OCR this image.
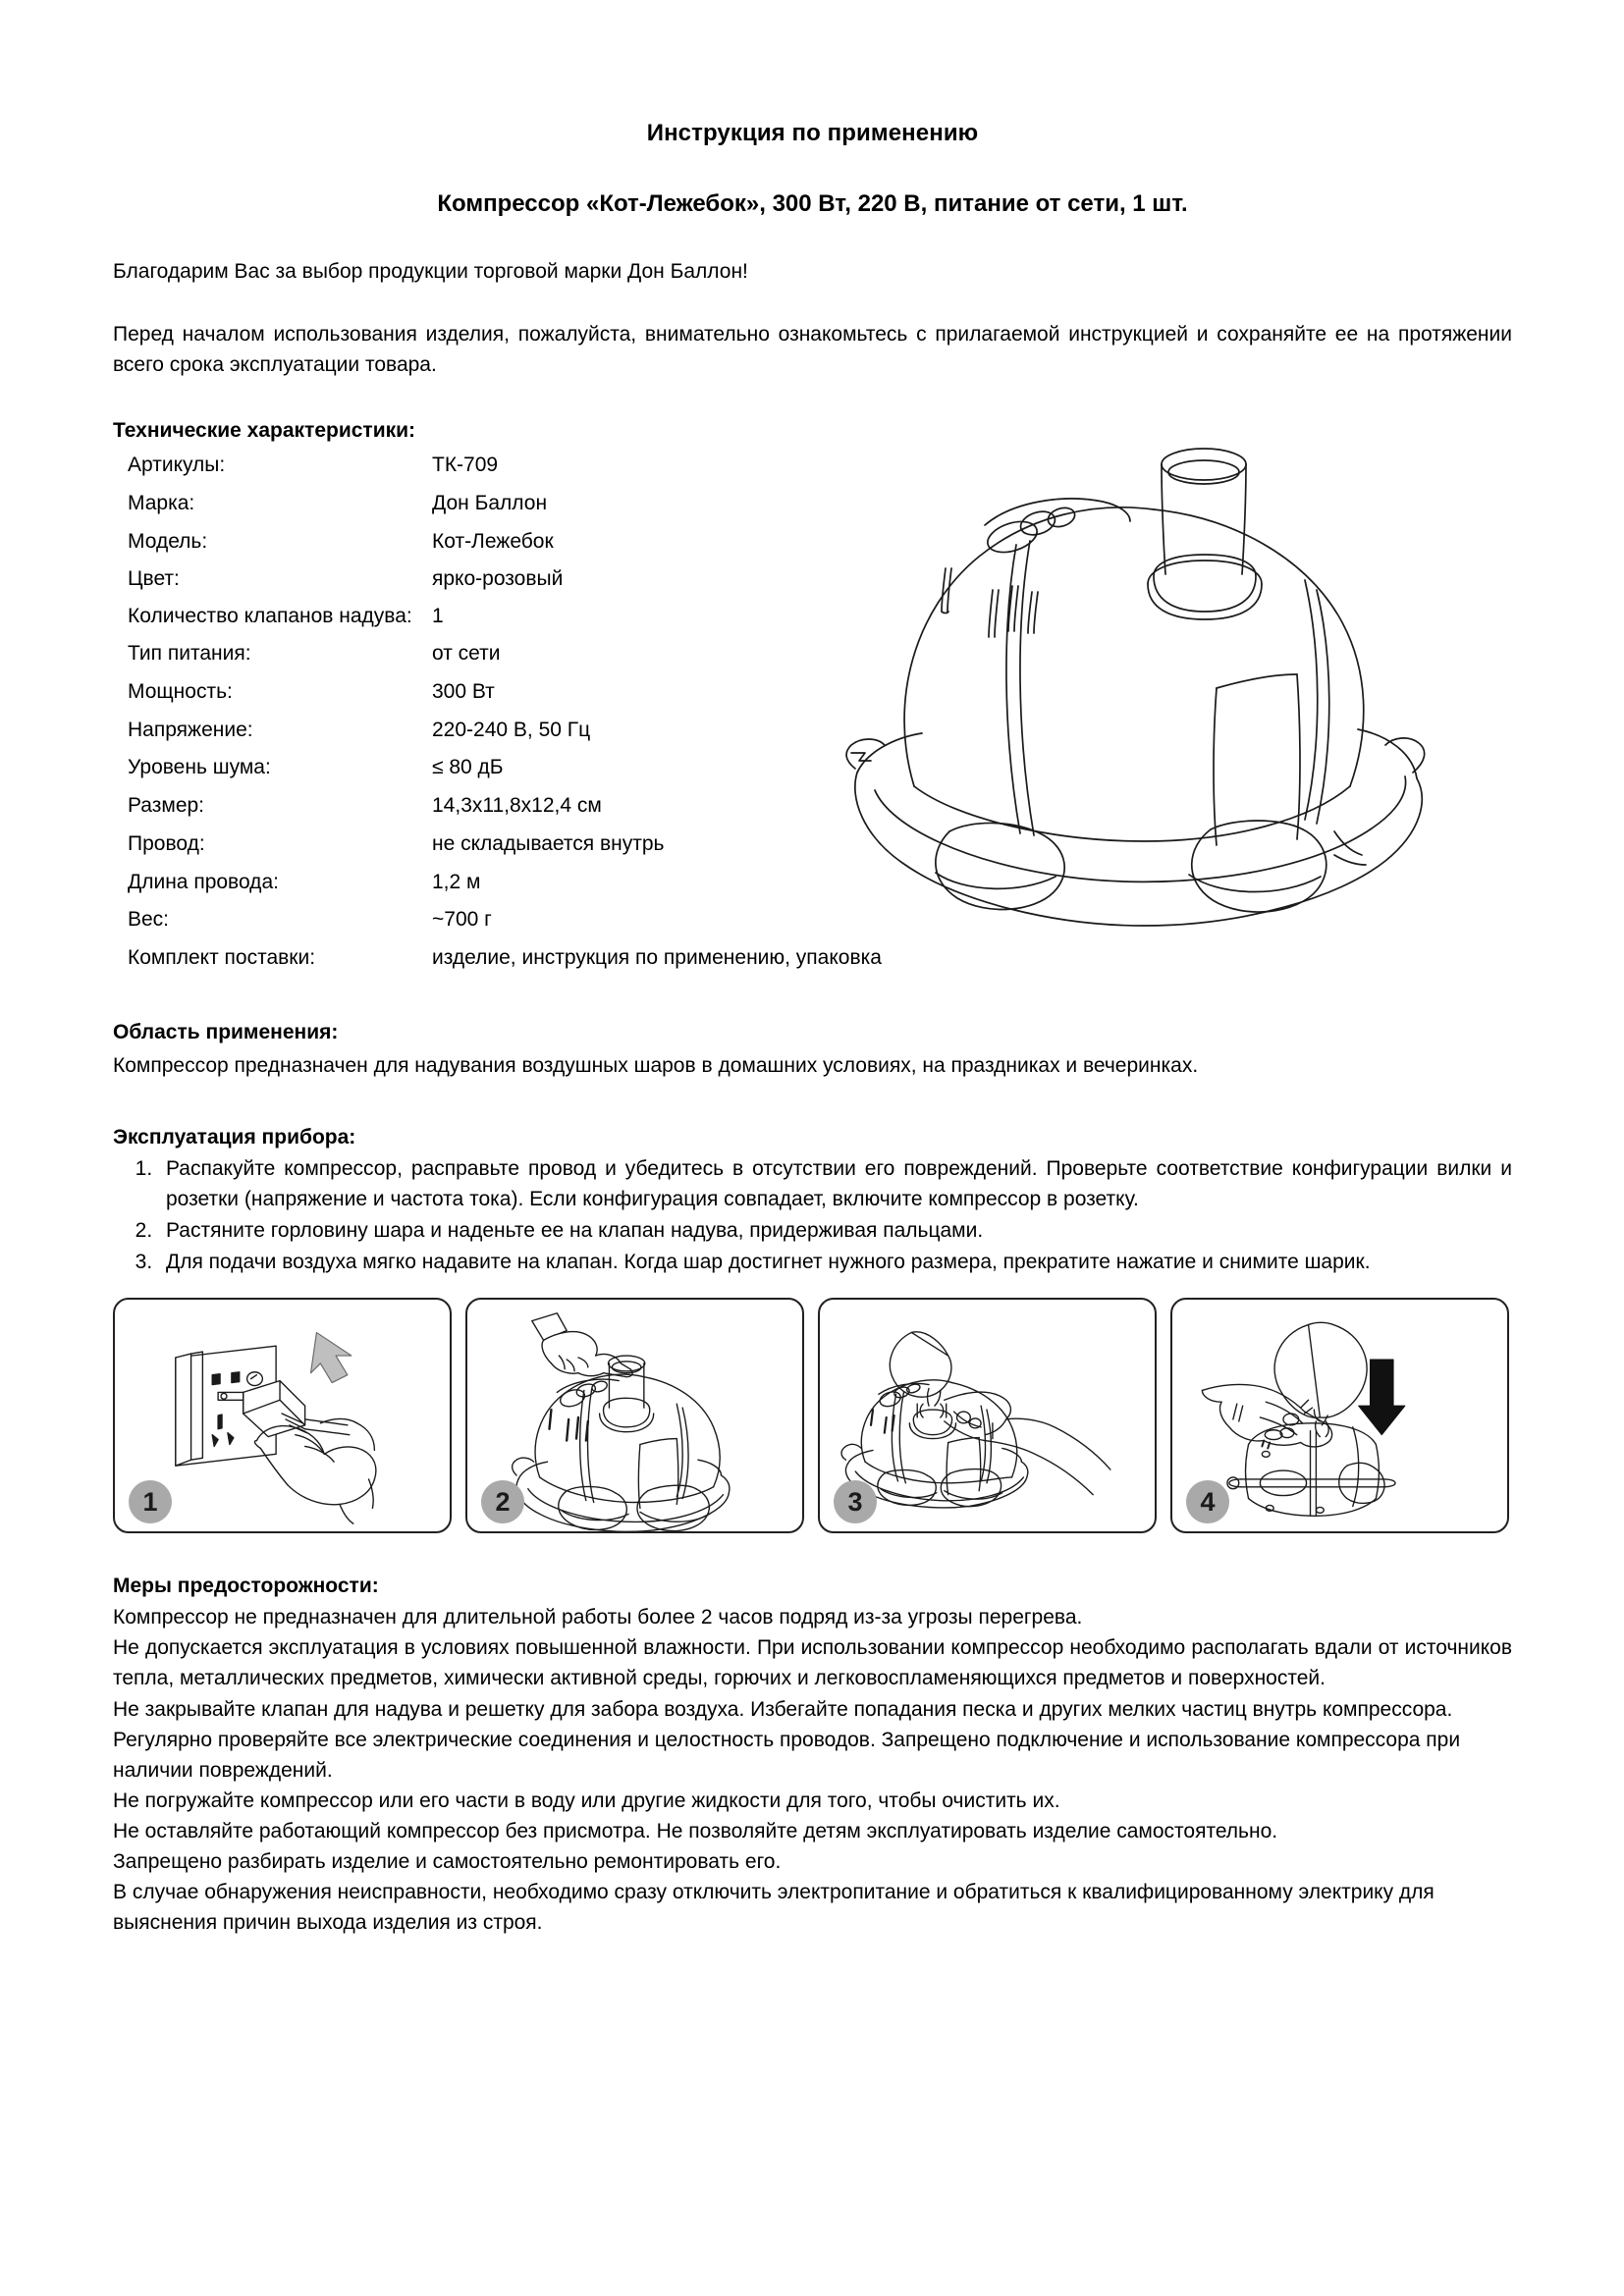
Инструкция по применению
Компрессор «Кот-Лежебок», 300 Вт, 220 В, питание от сети, 1 шт.

Благодарим Вас за выбор продукции торговой марки Дон Баллон!

Перед началом использования изделия, пожалуйста, внимательно ознакомьтесь с прилагаемой инструкцией и сохраняйте ее на протяжении всего срока эксплуатации товара.

Технические характеристики:
Артикулы:	ТК-709
Марка:	Дон Баллон
Модель:	Кот-Лежебок
Цвет:	ярко-розовый
Количество клапанов надува:	1
Тип питания:	от сети
Мощность:	300 Вт
Напряжение:	220-240 В, 50 Гц
Уровень шума:	≤ 80 дБ
Размер:	14,3х11,8х12,4 см
Провод:	не складывается внутрь
Длина провода:	1,2 м
Вес:	~700 г
Комплект поставки:	изделие, инструкция по применению, упаковка
Область применения:

Компрессор предназначен для надувания воздушных шаров в домашних условиях, на праздниках и вечеринках.

Эксплуатация прибора:
1. Распакуйте компрессор, расправьте провод и убедитесь в отсутствии его повреждений. Проверьте соответствие конфигурации вилки и розетки (напряжение и частота тока). Если конфигурация совпадает, включите компрессор в розетку.
2. Растяните горловину шара и наденьте ее на клапан надува, придерживая пальцами.
3. Для подачи воздуха мягко надавите на клапан. Когда шар достигнет нужного размера, прекратите нажатие и снимите шарик.
1	2	3	4
Меры предосторожности:

Компрессор не предназначен для длительной работы более 2 часов подряд из-за угрозы перегрева.

Не допускается эксплуатация в условиях повышенной влажности. При использовании компрессор необходимо располагать вдали от источников тепла, металлических предметов, химически активной среды, горючих и легковоспламеняющихся предметов и поверхностей.

Не закрывайте клапан для надува и решетку для забора воздуха. Избегайте попадания песка и других мелких частиц внутрь компрессора.

Регулярно проверяйте все электрические соединения и целостность проводов. Запрещено подключение и использование компрессора при наличии повреждений.

Не погружайте компрессор или его части в воду или другие жидкости для того, чтобы очистить их.

Не оставляйте работающий компрессор без присмотра. Не позволяйте детям эксплуатировать изделие самостоятельно.

Запрещено разбирать изделие и самостоятельно ремонтировать его.

В случае обнаружения неисправности, необходимо сразу отключить электропитание и обратиться к квалифицированному электрику для выяснения причин выхода изделия из строя.
